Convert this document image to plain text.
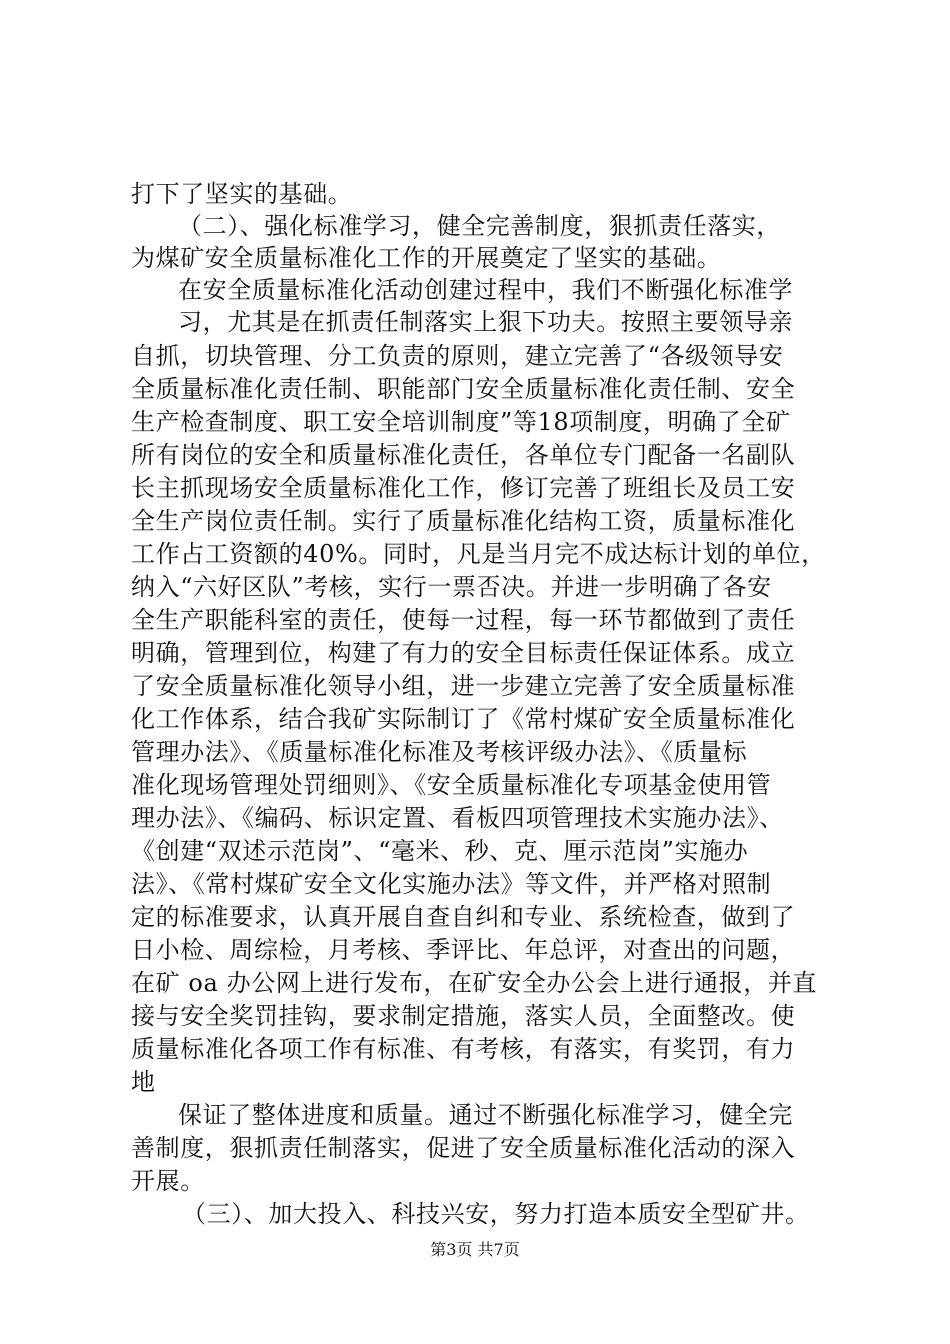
打下了坚实的基础。
（二）、强化标准学习，健全完善制度，狠抓责任落实，
为煤矿安全质量标准化工作的开展奠定了坚实的基础。
在安全质量标准化活动创建过程中，我们不断强化标准学
习，尤其是在抓责任制落实上狠下功夫。按照主要领导亲
自抓，切块管理、分工负责的原则，建立完善了“各级领导安
全质量标准化责任制、职能部门安全质量标准化责任制、安全
生产检查制度、职工安全培训制度”等18项制度，明确了全矿
所有岗位的安全和质量标准化责任，各单位专门配备一名副队
长主抓现场安全质量标准化工作，修订完善了班组长及员工安
全生产岗位责任制。实行了质量标准化结构工资，质量标准化
工作占工资额的40%。同时，凡是当月完不成达标计划的单位，
纳入“六好区队”考核，实行一票否决。并进一步明确了各安
全生产职能科室的责任，使每一过程，每一环节都做到了责任
明确，管理到位，构建了有力的安全目标责任保证体系。成立
了安全质量标准化领导小组，进一步建立完善了安全质量标准
化工作体系，结合我矿实际制订了《常村煤矿安全质量标准化
管理办法》、《质量标准化标准及考核评级办法》、《质量标
准化现场管理处罚细则》、《安全质量标准化专项基金使用管
理办法》、《编码、标识定置、看板四项管理技术实施办法》、
《创建“双述示范岗”、“毫米、秒、克、厘示范岗”实施办
法》、《常村煤矿安全文化实施办法》等文件，并严格对照制
定的标准要求，认真开展自查自纠和专业、系统检查，做到了
日小检、周综检，月考核、季评比、年总评，对查出的问题，
在矿 oa 办公网上进行发布，在矿安全办公会上进行通报，并直
接与安全奖罚挂钩，要求制定措施，落实人员，全面整改。使
质量标准化各项工作有标准、有考核，有落实，有奖罚，有力
地
保证了整体进度和质量。通过不断强化标准学习，健全完
善制度，狠抓责任制落实，促进了安全质量标准化活动的深入
开展。
（三）、加大投入、科技兴安，努力打造本质安全型矿井。
第3页 共7页
